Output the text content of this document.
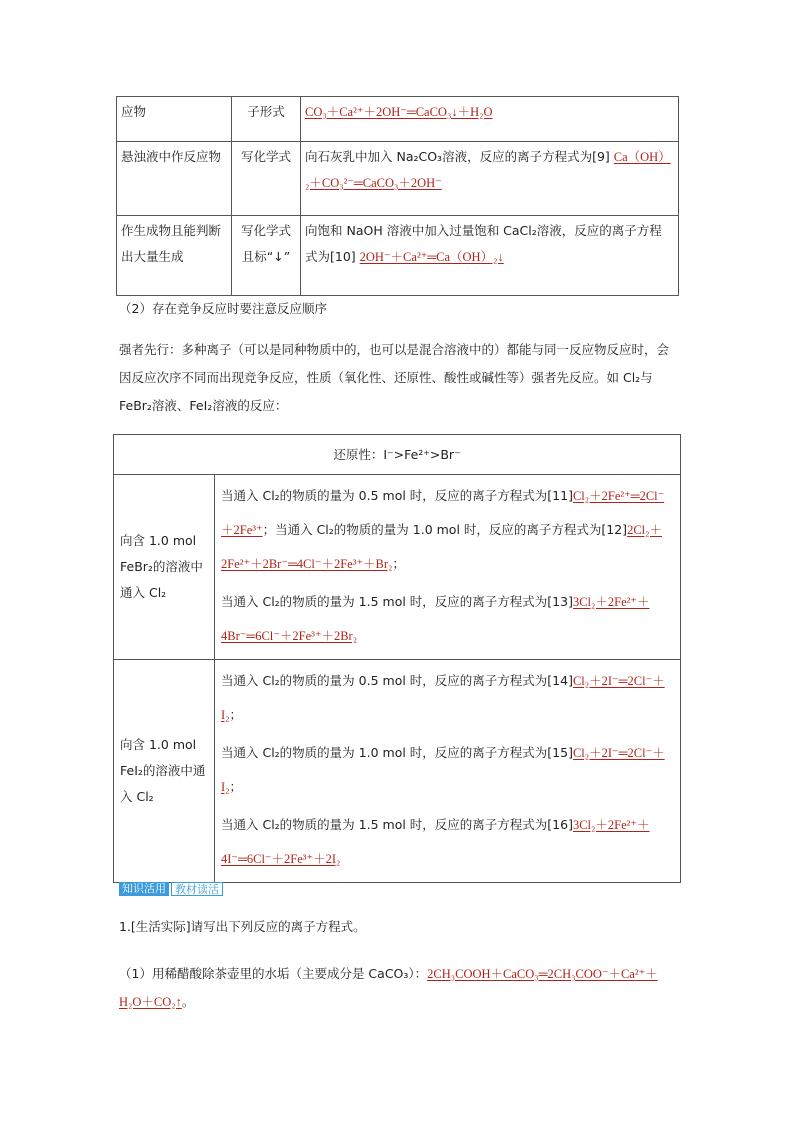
应物	子形式	CO₃＋Ca²⁺＋2OH⁻═CaCO₃↓＋H₂O
悬浊液中作反应物	写化学式	向石灰乳中加入 Na₂CO₃溶液，反应的离子方程式为[9] Ca（OH）₂＋CO₃²⁻═CaCO₃＋2OH⁻
作生成物且能判断出大量生成	写化学式且标“↓”	向饱和 NaOH 溶液中加入过量饱和 CaCl₂溶液，反应的离子方程式为[10] 2OH⁻＋Ca²⁺═Ca（OH）₂↓
（2）存在竞争反应时要注意反应顺序
强者先行：多种离子（可以是同种物质中的，也可以是混合溶液中的）都能与同一反应物反应时，会因反应次序不同而出现竞争反应，性质（氧化性、还原性、酸性或碱性等）强者先反应。如 Cl₂与 FeBr₂溶液、FeI₂溶液的反应：
还原性：I⁻>Fe²⁺>Br⁻	
向含 1.0 mol FeBr₂的溶液中通入 Cl₂	当通入 Cl₂的物质的量为 0.5 mol 时，反应的离子方程式为[11]Cl₂＋2Fe²⁺═2Cl⁻＋2Fe³⁺；当通入 Cl₂的物质的量为 1.0 mol 时，反应的离子方程式为[12]2Cl₂＋2Fe²⁺＋2Br⁻═4Cl⁻＋2Fe³⁺＋Br₂；
当通入 Cl₂的物质的量为 1.5 mol 时，反应的离子方程式为[13]3Cl₂＋2Fe²⁺＋4Br⁻═6Cl⁻＋2Fe³⁺＋2Br₂

向含 1.0 mol FeI₂的溶液中通入 Cl₂	当通入 Cl₂的物质的量为 0.5 mol 时，反应的离子方程式为[14]Cl₂＋2I⁻═2Cl⁻＋I₂；
当通入 Cl₂的物质的量为 1.0 mol 时，反应的离子方程式为[15]Cl₂＋2I⁻═2Cl⁻＋I₂；
当通入 Cl₂的物质的量为 1.5 mol 时，反应的离子方程式为[16]3Cl₂＋2Fe²⁺＋4I⁻═6Cl⁻＋2Fe³⁺＋2I₂
知识活用 教材读活
1.[生活实际]请写出下列反应的离子方程式。
（1）用稀醋酸除茶壶里的水垢（主要成分是 CaCO₃）：2CH₃COOH＋CaCO₃═2CH₃COO⁻＋Ca²⁺＋H₂O＋CO₂↑。
